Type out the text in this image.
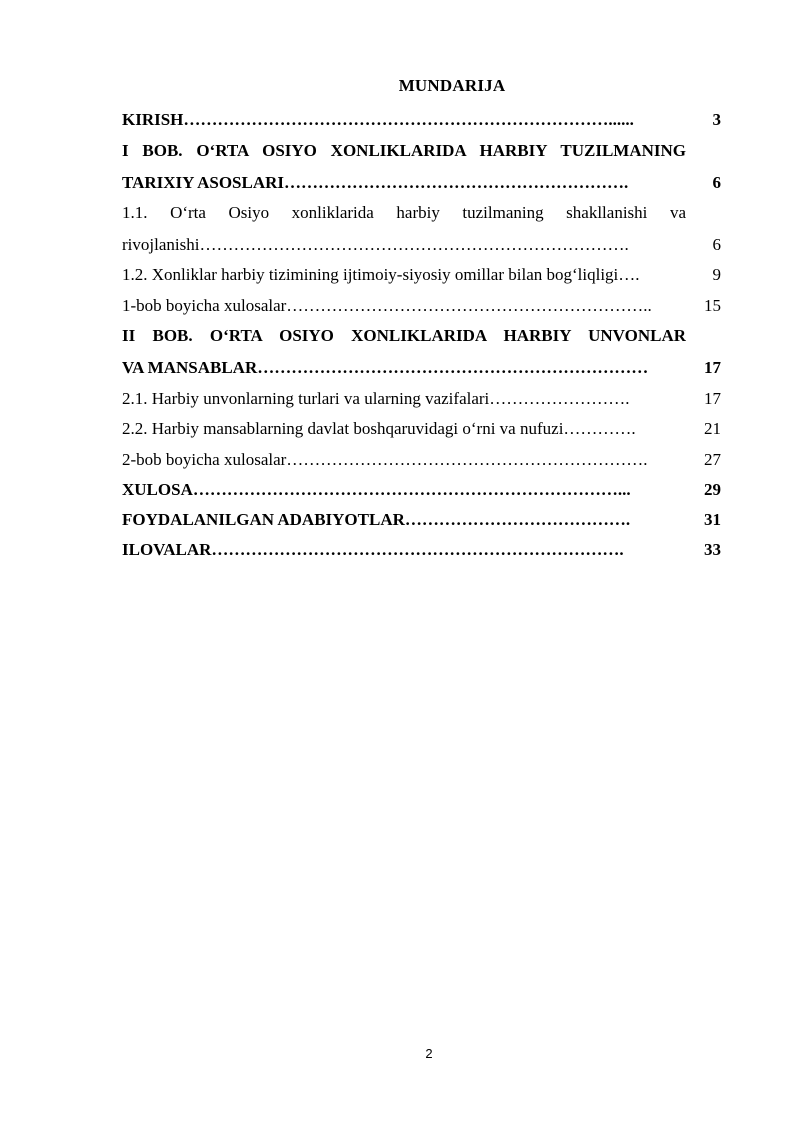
MUNDARIJA
KIRISH…………………………………………………………………......	3
I BOB. O‘RTA OSIYO XONLIKLARIDA HARBIY TUZILMANING
TARIXIY ASOSLARI…………………………………………………….	6
1.1. O‘rta Osiyo xonliklarida harbiy tuzilmaning shakllanishi va
rivojlanishi………………………………………………………………….	6
1.2. Xonliklar harbiy tizimining ijtimoiy-siyosiy omillar bilan bog‘liqligi….	9
1-bob boyicha xulosalar………………………………………………………..	15
II BOB. O‘RTA OSIYO XONLIKLARIDA HARBIY UNVONLAR
VA MANSABLAR……………………………………………………………	17
2.1. Harbiy unvonlarning turlari va ularning vazifalari…………………….	17
2.2. Harbiy mansablarning davlat boshqaruvidagi o‘rni va nufuzi………….	21
2-bob boyicha xulosalar……………………………………………………….	27
XULOSA…………………………………………………………………...	29
FOYDALANILGAN ADABIYOTLAR………………………………….	31
ILOVALAR……………………………………………………………….	33
2
